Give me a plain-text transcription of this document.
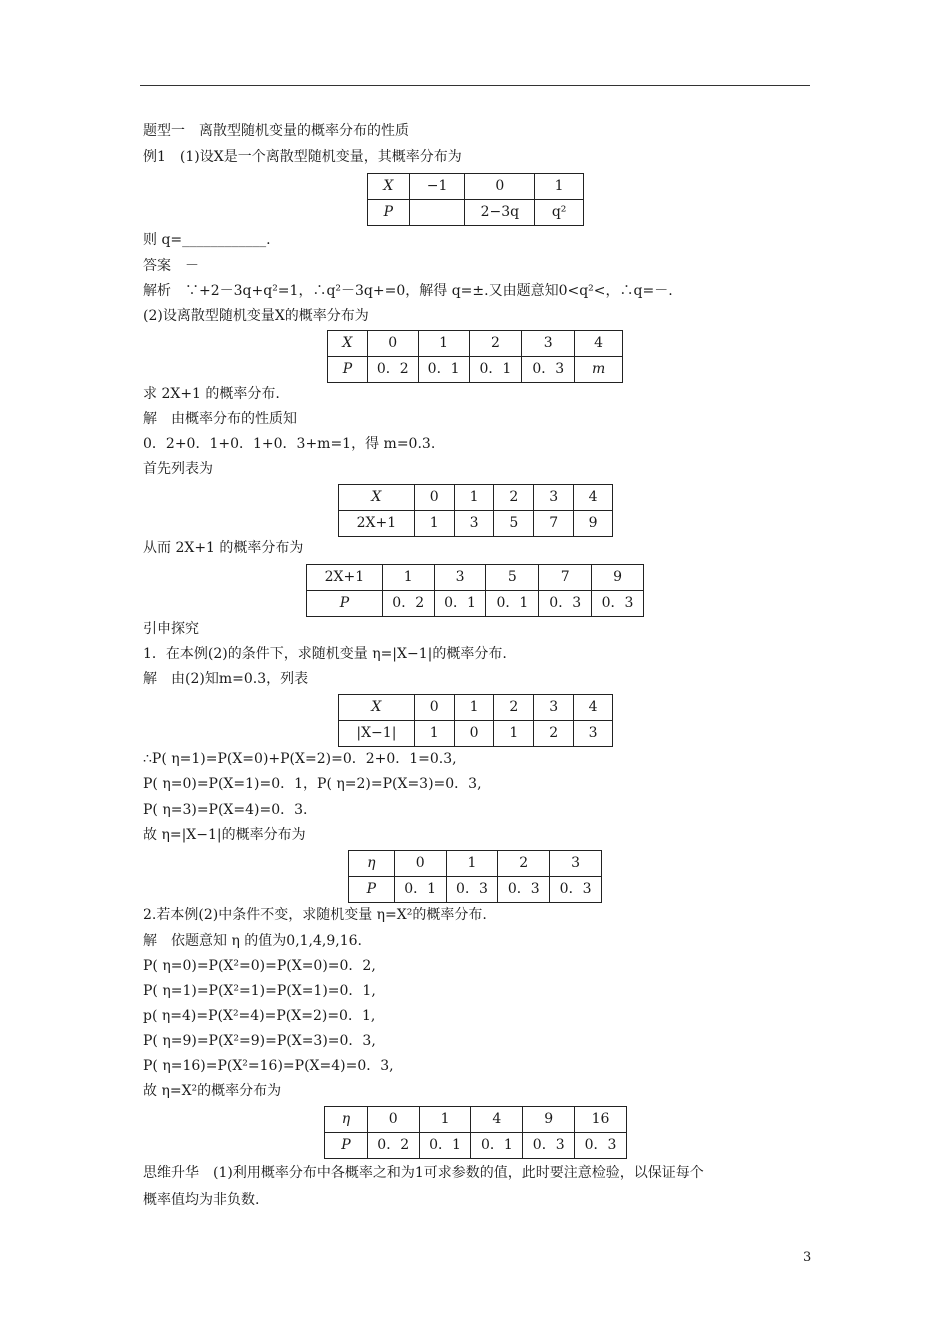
题型一　离散型随机变量的概率分布的性质
例1　(1)设X是一个离散型随机变量，其概率分布为
X	−1	0	1
P		2−3q	q²
则 q=____________.
答案　－
解析　∵+2－3q+q²=1，∴q²－3q+=0，解得 q=±.又由题意知0<q²<，∴q=－.
(2)设离散型随机变量X的概率分布为
X	0	1	2	3	4
P	0．2	0．1	0．1	0．3	m
求 2X+1 的概率分布.
解　由概率分布的性质知
0．2+0．1+0．1+0．3+m=1，得 m=0.3.
首先列表为
X	0	1	2	3	4
2X+1	1	3	5	7	9
从而 2X+1 的概率分布为
2X+1	1	3	5	7	9
P	0．2	0．1	0．1	0．3	0．3
引申探究
1．在本例(2)的条件下，求随机变量 η=|X−1|的概率分布.
解　由(2)知m=0.3，列表
X	0	1	2	3	4
|X−1|	1	0	1	2	3
∴P( η=1)=P(X=0)+P(X=2)=0．2+0．1=0.3,
P( η=0)=P(X=1)=0．1，P( η=2)=P(X=3)=0．3,
P( η=3)=P(X=4)=0．3.
故 η=|X−1|的概率分布为
η	0	1	2	3
P	0．1	0．3	0．3	0．3
2.若本例(2)中条件不变，求随机变量 η=X²的概率分布.
解　依题意知 η 的值为0,1,4,9,16.
P( η=0)=P(X²=0)=P(X=0)=0．2,
P( η=1)=P(X²=1)=P(X=1)=0．1,
p( η=4)=P(X²=4)=P(X=2)=0．1,
P( η=9)=P(X²=9)=P(X=3)=0．3,
P( η=16)=P(X²=16)=P(X=4)=0．3,
故 η=X²的概率分布为
η	0	1	4	9	16
P	0．2	0．1	0．1	0．3	0．3
思维升华　(1)利用概率分布中各概率之和为1可求参数的值，此时要注意检验，以保证每个
概率值均为非负数.
3
